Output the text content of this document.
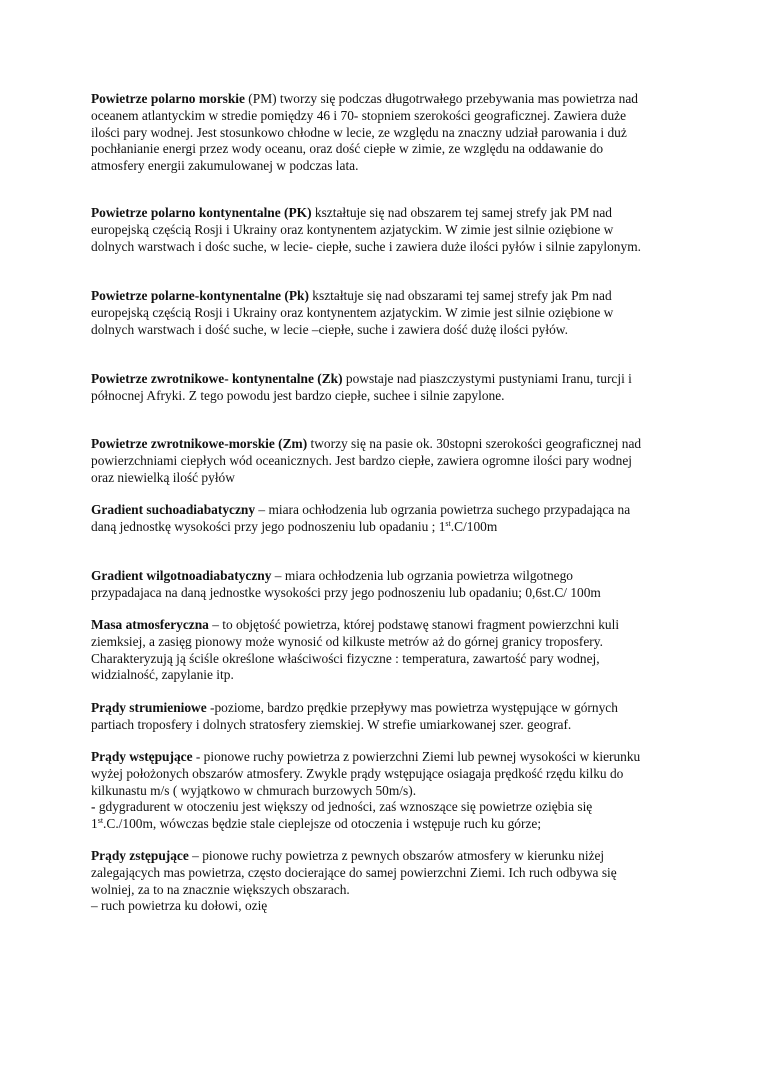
Powietrze polarno morskie (PM) tworzy się podczas długotrwałego przebywania mas powietrza nad
oceanem atlantyckim w stredie pomiędzy 46 i 70- stopniem szerokości geograficznej. Zawiera duże
ilości pary wodnej. Jest stosunkowo chłodne w lecie, ze względu na znaczny udział parowania i duż
pochłanianie energi przez wody oceanu, oraz dość ciepłe w zimie, ze względu na oddawanie do
atmosfery energii zakumulowanej w podczas lata.
Powietrze polarno kontynentalne (PK) kształtuje się nad obszarem tej samej strefy jak PM nad
europejską częścią Rosji i Ukrainy oraz kontynentem azjatyckim. W zimie jest silnie oziębione w
dolnych warstwach i dośc suche, w lecie- ciepłe, suche i zawiera duże ilości pyłów i silnie zapylonym.
Powietrze polarne-kontynentalne (Pk) kształtuje się nad obszarami tej samej strefy jak Pm nad
europejską częścią Rosji i Ukrainy oraz kontynentem azjatyckim. W zimie jest silnie oziębione w
dolnych warstwach i dość suche, w lecie –ciepłe, suche i zawiera dość dużę ilości pyłów.
Powietrze zwrotnikowe- kontynentalne (Zk) powstaje nad piaszczystymi pustyniami Iranu, turcji i
północnej Afryki. Z tego powodu jest bardzo ciepłe, suchee i silnie zapylone.
Powietrze zwrotnikowe-morskie (Zm) tworzy się na pasie ok. 30stopni szerokości geograficznej nad
powierzchniami ciepłych wód oceanicznych. Jest bardzo ciepłe, zawiera ogromne ilości pary wodnej
oraz niewielką ilość pyłów
Gradient suchoadiabatyczny – miara ochłodzenia lub ogrzania powietrza suchego przypadająca na
daną jednostkę wysokości przy jego podnoszeniu lub opadaniu ; 1st.C/100m
Gradient wilgotnoadiabatyczny – miara ochłodzenia lub ogrzania powietrza wilgotnego
przypadajaca na daną jednostke wysokości przy jego podnoszeniu lub opadaniu; 0,6st.C/ 100m
Masa atmosferyczna – to objętość powietrza, której podstawę stanowi fragment powierzchni kuli
ziemksiej, a zasięg pionowy może wynosić od kilkuste metrów aż do górnej granicy troposfery.
Charakteryzują ją ściśle określone właściwości fizyczne : temperatura, zawartość pary wodnej,
widzialność, zapylanie itp.
Prądy strumieniowe -poziome, bardzo prędkie przepływy mas powietrza występujące w górnych
partiach troposfery i dolnych stratosfery ziemskiej. W strefie umiarkowanej szer. geograf.
Prądy wstępujące - pionowe ruchy powietrza z powierzchni Ziemi lub pewnej wysokości w kierunku
wyżej położonych obszarów atmosfery. Zwykle prądy wstępujące osiagaja prędkość rzędu kilku do
kilkunastu m/s ( wyjątkowo w chmurach burzowych 50m/s).
- gdygradurent w otoczeniu jest większy od jedności, zaś wznoszące się powietrze oziębia się
1st.C./100m, wówczas będzie stale cieplejsze od otoczenia i wstępuje ruch ku górze;
Prądy zstępujące – pionowe ruchy powietrza z pewnych obszarów atmosfery w kierunku niżej
zalegających mas powietrza, często docierające do samej powierzchni Ziemi. Ich ruch odbywa się
wolniej, za to na znacznie większych obszarach.
– ruch powietrza ku dołowi, ozię
